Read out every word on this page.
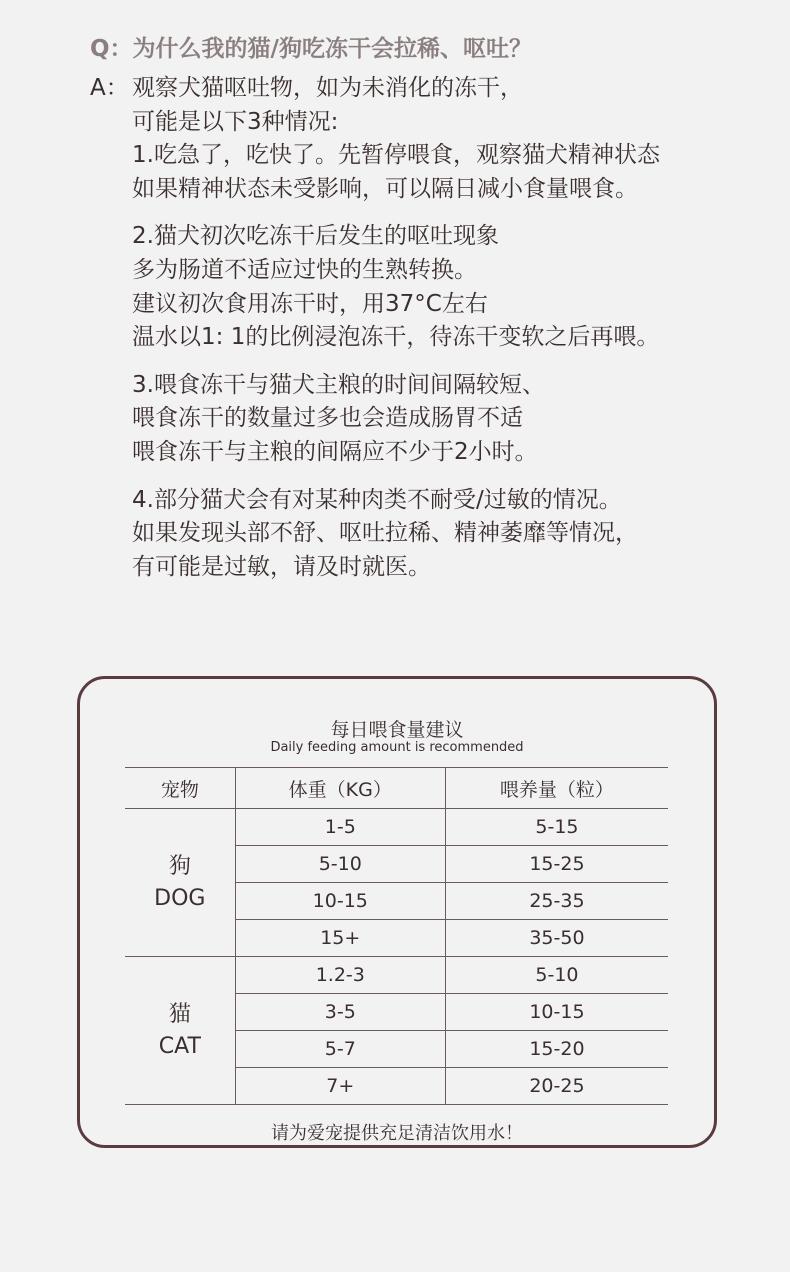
Q：为什么我的猫/狗吃冻干会拉稀、呕吐？
A： 观察犬猫呕吐物，如为未消化的冻干，
可能是以下3种情况:
1.吃急了，吃快了。先暂停喂食，观察猫犬精神状态
如果精神状态未受影响，可以隔日减小食量喂食。
2.猫犬初次吃冻干后发生的呕吐现象
多为肠道不适应过快的生熟转换。
建议初次食用冻干时，用37°C左右
温水以1: 1的比例浸泡冻干，待冻干变软之后再喂。
3.喂食冻干与猫犬主粮的时间间隔较短、
喂食冻干的数量过多也会造成肠胃不适
喂食冻干与主粮的间隔应不少于2小时。
4.部分猫犬会有对某种肉类不耐受/过敏的情况。
如果发现头部不舒、呕吐拉稀、精神萎靡等情况，
有可能是过敏，请及时就医。
每日喂食量建议
Daily feeding amount is recommended
宠物	体重（KG）	喂养量（粒）

狗
DOG	1-5	5-15
	5-10	15-25
	10-15	25-35
	15+	35-50

猫
CAT	1.2-3	5-10
	3-5	10-15
	5-7	15-20
	7+	20-25
请为爱宠提供充足清洁饮用水！
